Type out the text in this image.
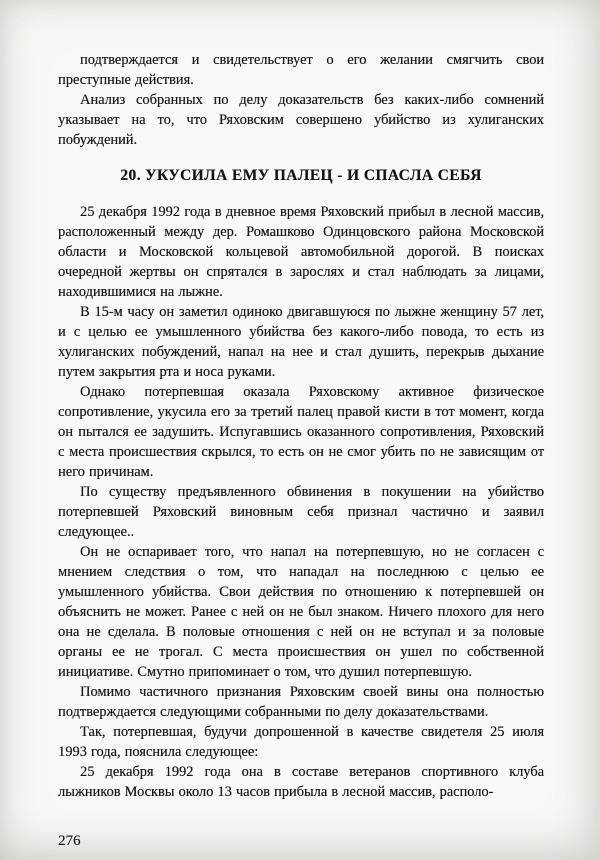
подтверждается и свидетельствует о его желании смягчить свои преступные действия.

Анализ собранных по делу доказательств без каких-либо сомнений указывает на то, что Ряховским совершено убийство из хулиганских побуждений.

20. УКУСИЛА ЕМУ ПАЛЕЦ - И СПАСЛА СЕБЯ

25 декабря 1992 года в дневное время Ряховский прибыл в лесной массив, расположенный между дер. Ромашково Одинцовского района Московской области и Московской кольцевой автомобильной дорогой. В поисках очередной жертвы он спрятался в зарослях и стал наблюдать за лицами, находившимися на лыжне.

В 15-м часу он заметил одиноко двигавшуюся по лыжне женщину 57 лет, и с целью ее умышленного убийства без какого-либо повода, то есть из хулиганских побуждений, напал на нее и стал душить, перекрыв дыхание путем закрытия рта и носа руками.

Однако потерпевшая оказала Ряховскому активное физическое сопротивление, укусила его за третий палец правой кисти в тот момент, когда он пытался ее задушить. Испугавшись оказанного сопротивления, Ряховский с места происшествия скрылся, то есть он не смог убить по не зависящим от него причинам.

По существу предъявленного обвинения в покушении на убийство потерпевшей Ряховский виновным себя признал частично и заявил следующее..

Он не оспаривает того, что напал на потерпевшую, но не согласен с мнением следствия о том, что нападал на последнюю с целью ее умышленного убийства. Свои действия по отношению к потерпевшей он объяснить не может. Ранее с ней он не был знаком. Ничего плохого для него она не сделала. В половые отношения с ней он не вступал и за половые органы ее не трогал. С места происшествия он ушел по собственной инициативе. Смутно припоминает о том, что душил потерпевшую.

Помимо частичного признания Ряховским своей вины она полностью подтверждается следующими собранными по делу доказательствами.

Так, потерпевшая, будучи допрошенной в качестве свидетеля 25 июля 1993 года, пояснила следующее:

25 декабря 1992 года она в составе ветеранов спортивного клуба лыжников Москвы около 13 часов прибыла в лесной массив, располо-

276
